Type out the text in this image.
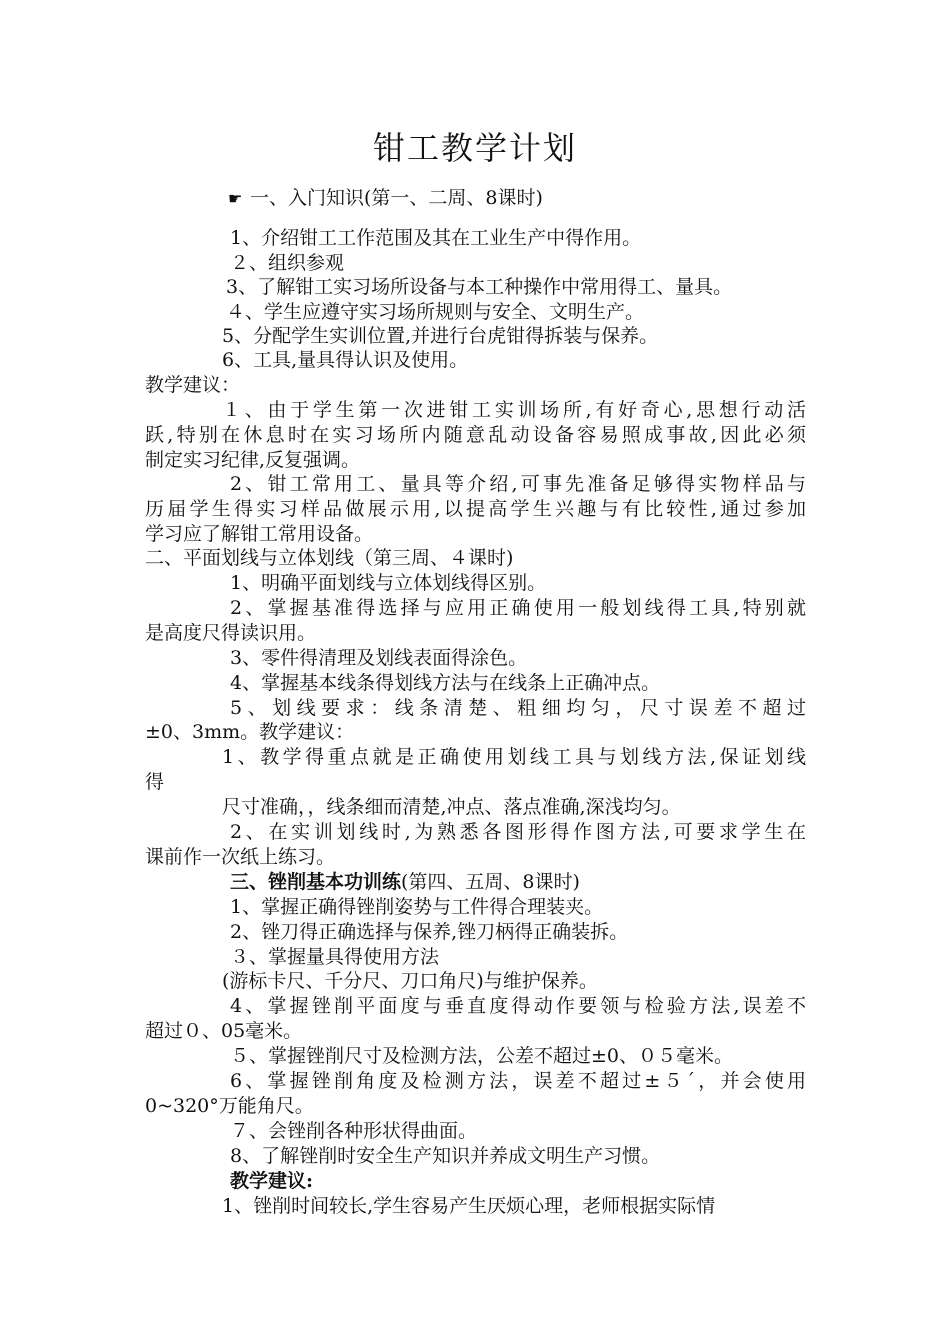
钳工教学计划
☛ 一、入门知识(第一、二周、8课时)
1、介绍钳工工作范围及其在工业生产中得作用。
２、组织参观
3、了解钳工实习场所设备与本工种操作中常用得工、量具。
４、学生应遵守实习场所规则与安全、文明生产。
5、分配学生实训位置,并进行台虎钳得拆装与保养。
6、工具,量具得认识及使用。
教学建议：
１、由于学生第一次进钳工实训场所,有好奇心,思想行动活
跃,特别在休息时在实习场所内随意乱动设备容易照成事故,因此必须
制定实习纪律,反复强调。
2、钳工常用工、量具等介绍,可事先准备足够得实物样品与
历届学生得实习样品做展示用,以提高学生兴趣与有比较性,通过参加
学习应了解钳工常用设备。
二、平面划线与立体划线（第三周、４课时)
1、明确平面划线与立体划线得区别。
2、掌握基准得选择与应用正确使用一般划线得工具,特别就
是高度尺得读识用。
3、零件得清理及划线表面得涂色。
4、掌握基本线条得划线方法与在线条上正确冲点。
5、划线要求：线条清楚、粗细均匀，尺寸误差不超过
±0、3mm。教学建议：
1、教学得重点就是正确使用划线工具与划线方法,保证划线
得
尺寸准确，，线条细而清楚,冲点、落点准确,深浅均匀。
2、在实训划线时,为熟悉各图形得作图方法,可要求学生在
课前作一次纸上练习。
三、锉削基本功训练(第四、五周、8课时)
1、掌握正确得锉削姿势与工件得合理装夹。
2、锉刀得正确选择与保养,锉刀柄得正确装拆。
３、掌握量具得使用方法
(游标卡尺、千分尺、刀口角尺)与维护保养。
4、掌握锉削平面度与垂直度得动作要领与检验方法,误差不
超过０、05毫米。
５、掌握锉削尺寸及检测方法，公差不超过±0、０５毫米。
6、掌握锉削角度及检测方法，误差不超过±５´，并会使用
0~320°万能角尺。
７、会锉削各种形状得曲面。
8、了解锉削时安全生产知识并养成文明生产习惯。
教学建议:
1、锉削时间较长,学生容易产生厌烦心理，老师根据实际情
